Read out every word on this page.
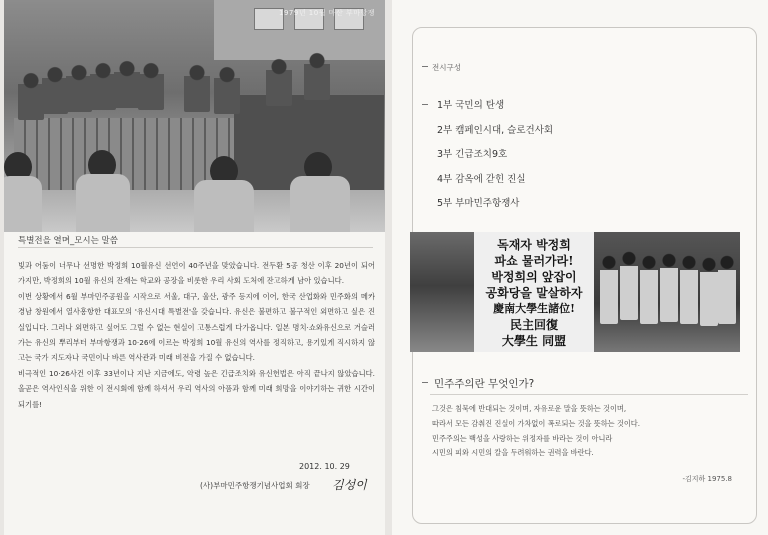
1979년 10월 마산 부마항쟁
특별전을 열며_모시는 말씀
빛과 어둠이 너무나 선명한 박정희 10월유신 선언이 40주년을 맞았습니다. 전두환 5공 청산 이후 20년이 되어 가지만, 박정희의 10월 유신의 잔재는 학교와 공장을 비롯한 우리 사회 도처에 잔고하게 남아 있습니다.
이번 상황에서 6월 부마민주공원을 시작으로 서울, 대구, 울산, 광주 등지에 이어, 한국 산업화와 민주화의 메카 경남 창원에서 열사흥항한 대표모의 '유신시대 특별전'을 갖습니다. 유신은 불편하고 불구적인 외면하고 싶은 진실입니다. 그러나 외면하고 싶어도 그럴 수 없는 현실이 고통스럽게 다가옵니다. 일본 명치·쇼와유신으로 거슬러가는 유신의 뿌리부터 부마항쟁과 10·26에 이르는 박정희 10월 유신의 역사를 정직하고, 용기있게 직시하지 않고는 국가 지도자나 국민이나 바른 역사관과 미래 비전을 가질 수 없습니다.
비극적인 10·26사건 이후 33년이나 지난 지금에도, 악령 높은 긴급조치와 유신헌법은 아직 끝나지 않았습니다. 올곧은 역사인식을 위한 이 전시회에 함께 하셔서 우리 역사의 아픔과 함께 미래 희망을 이야기하는 귀한 시간이 되기를!
2012. 10. 29
(사)부마민주항쟁기념사업회 회장 김성이
전시구성
1부 국민의 탄생
2부 캠페인시대, 슬로건사회
3부 긴급조치9호
4부 감옥에 갇힌 진실
5부 부마민주항쟁사
독재자 박정희
파쇼 물러가라!
박정희의 앞잡이
공화당을 말살하자
慶南大學生諸位!
民主回復
大學生 同盟
민주주의란 무엇인가?
그것은 침묵에 반대되는 것이며, 자유로운 말을 뜻하는 것이며,
따라서 모든 감춰진 진실이 가차없이 폭로되는 것을 뜻하는 것이다.
민주주의는 백성을 사랑하는 위정자를 바라는 것이 아니라
시민의 피와 시민의 칼을 두려워하는 권력을 바란다.
-김지하 1975.8
